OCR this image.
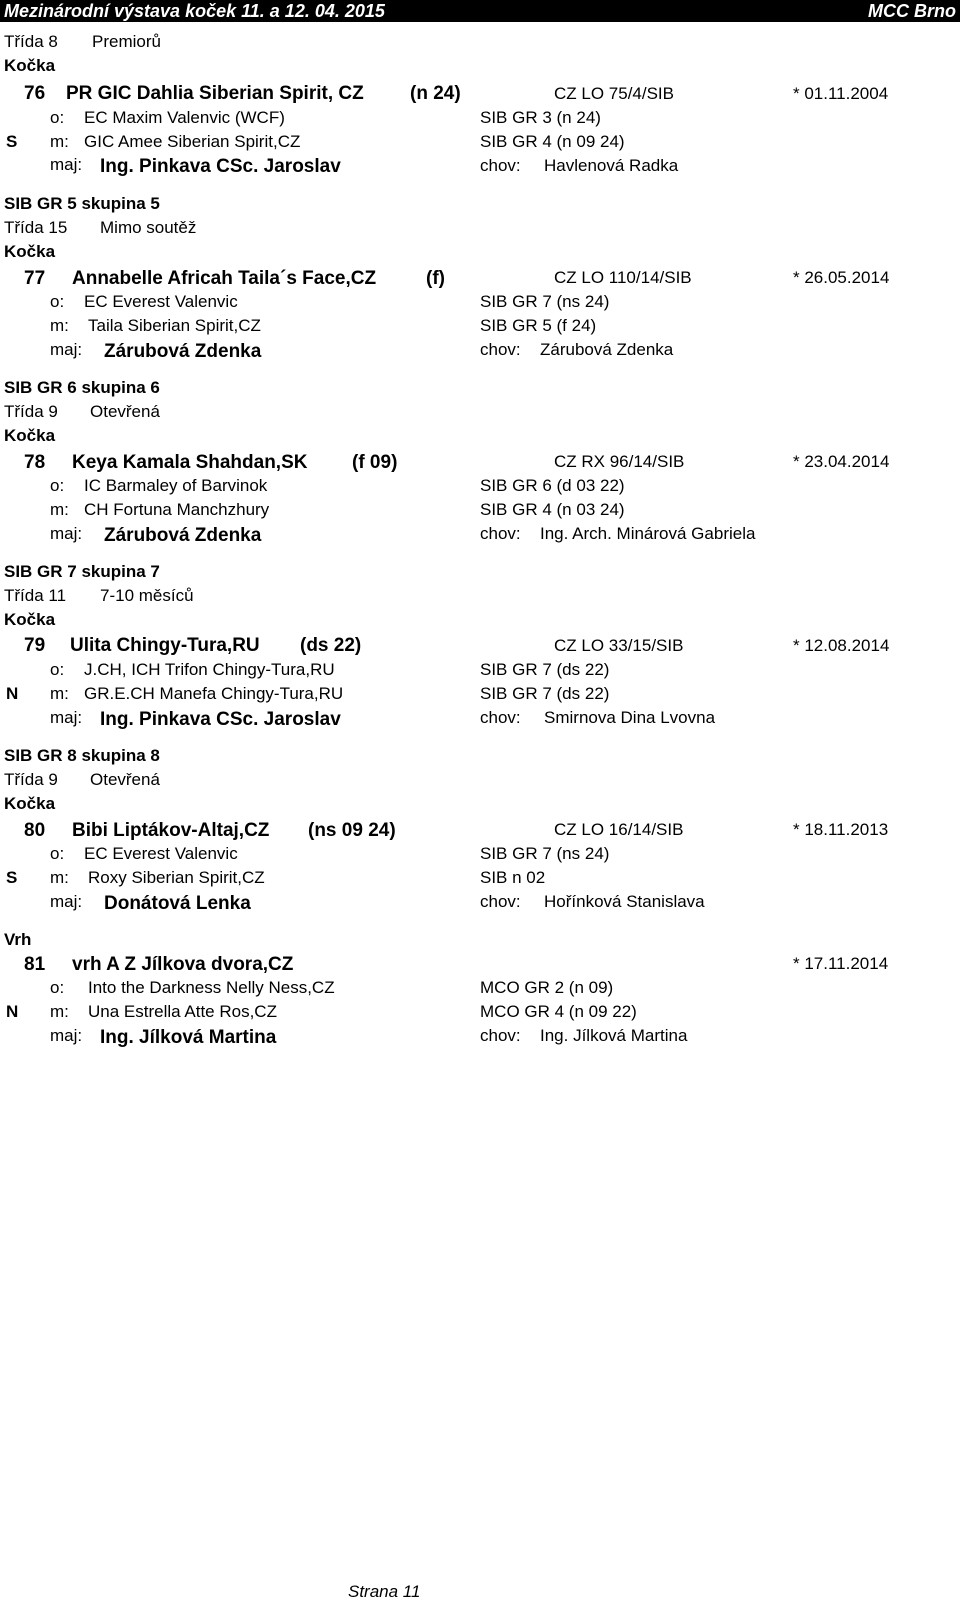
Mezinárodní výstava koček 11. a 12. 04. 2015	MCC Brno
Třída 8 Premiorů
Kočka
76 PR GIC Dahlia Siberian Spirit, CZ (n 24)	CZ LO 75/4/SIB	* 01.11.2004
o: EC Maxim Valenvic (WCF)	SIB GR 3 (n 24)
S m: GIC Amee Siberian Spirit,CZ	SIB GR 4 (n 09 24)
maj: Ing. Pinkava CSc. Jaroslav	chov: Havlenová Radka
SIB GR 5 skupina 5
Třída 15 Mimo soutěž
Kočka
77 Annabelle Africah Taila´s Face,CZ	(f)	CZ LO 110/14/SIB	* 26.05.2014
o: EC Everest Valenvic	SIB GR 7 (ns 24)
m: Taila Siberian Spirit,CZ	SIB GR 5 (f 24)
maj: Zárubová Zdenka	chov: Zárubová Zdenka
SIB GR 6 skupina 6
Třída 9 Otevřená
Kočka
78 Keya Kamala Shahdan,SK (f 09)	CZ RX 96/14/SIB	* 23.04.2014
o: IC Barmaley of Barvinok	SIB GR 6 (d 03 22)
m: CH Fortuna Manchzhury	SIB GR 4 (n 03 24)
maj: Zárubová Zdenka	chov: Ing. Arch. Minárová Gabriela
SIB GR 7 skupina 7
Třída 11 7-10 měsíců
Kočka
79 Ulita Chingy-Tura,RU (ds 22)	CZ LO 33/15/SIB	* 12.08.2014
o: J.CH, ICH Trifon Chingy-Tura,RU	SIB GR 7 (ds 22)
N m: GR.E.CH Manefa Chingy-Tura,RU	SIB GR 7 (ds 22)
maj: Ing. Pinkava CSc. Jaroslav	chov: Smirnova Dina Lvovna
SIB GR 8 skupina 8
Třída 9 Otevřená
Kočka
80 Bibi Liptákov-Altaj,CZ (ns 09 24)	CZ LO 16/14/SIB	* 18.11.2013
o: EC Everest Valenvic	SIB GR 7 (ns 24)
S m: Roxy Siberian Spirit,CZ	SIB n 02
maj: Donátová Lenka	chov: Hořínková Stanislava
Vrh
81 vrh A Z Jílkova dvora,CZ	* 17.11.2014
o: Into the Darkness Nelly Ness,CZ	MCO GR 2 (n 09)
N m: Una Estrella Atte Ros,CZ	MCO GR 4 (n 09 22)
maj: Ing. Jílková Martina	chov: Ing. Jílková Martina
Strana 11
